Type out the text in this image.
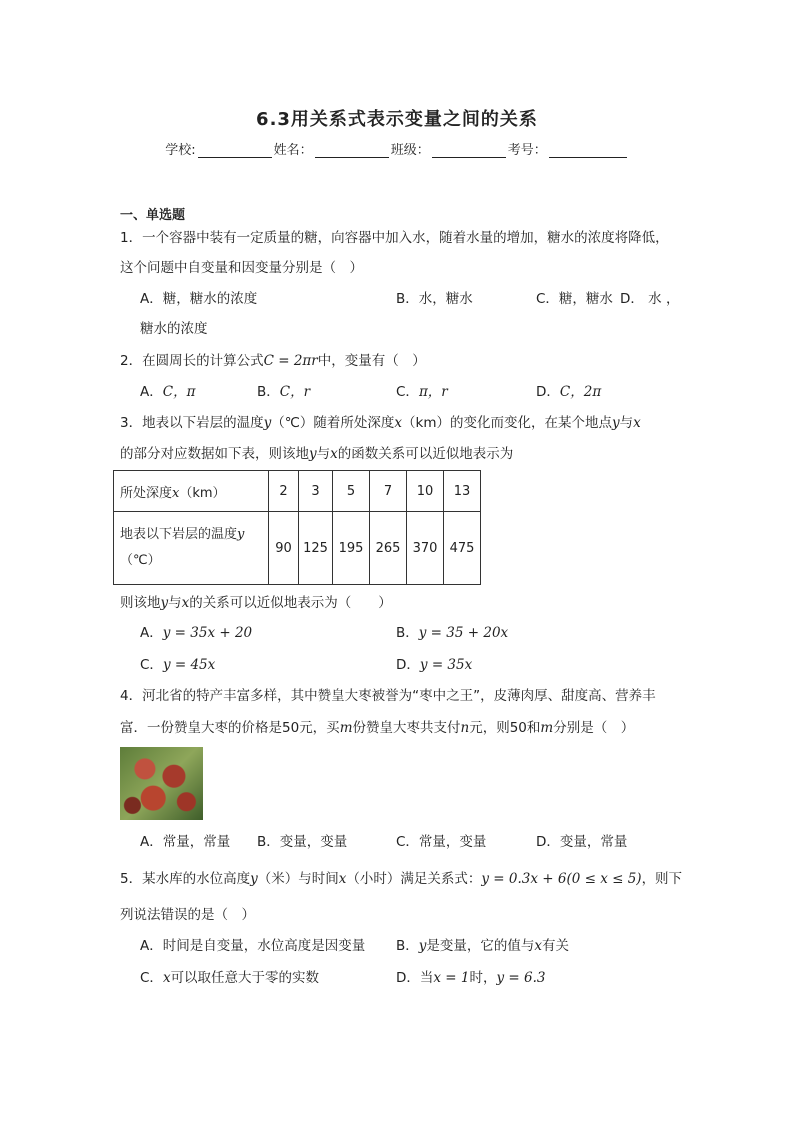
6.3用关系式表示变量之间的关系
学校:	姓名：	班级：	考号：
一、单选题
1．一个容器中装有一定质量的糖，向容器中加入水，随着水量的增加，糖水的浓度将降低，
这个问题中自变量和因变量分别是（　）
A．糖，糖水的浓度	B．水，糖水	C．糖，糖水 D． 水 ，
糖水的浓度
2．在圆周长的计算公式C = 2πr中，变量有（　）
A．C，π	B．C，r	C．π，r	D．C，2π
3．地表以下岩层的温度y（℃）随着所处深度x（km）的变化而变化，在某个地点y与x
的部分对应数据如下表，则该地y与x的函数关系可以近似地表示为
所处深度x（km）	2	3	5	7	10	13
地表以下岩层的温度y
（℃）	90	125	195	265	370	475
则该地y与x的关系可以近似地表示为（　　）
A．y = 35x + 20	B．y = 35 + 20x
C．y = 45x	D．y = 35x
4．河北省的特产丰富多样，其中赞皇大枣被誉为“枣中之王”，皮薄肉厚、甜度高、营养丰
富．一份赞皇大枣的价格是50元，买m份赞皇大枣共支付n元，则50和m分别是（　）
A．常量，常量 B．变量，变量	C．常量，变量	D．变量，常量
5．某水库的水位高度y（米）与时间x（小时）满足关系式：y = 0.3x + 6(0 ≤ x ≤ 5)，则下
列说法错误的是（　）
A．时间是自变量，水位高度是因变量 B．y是变量，它的值与x有关
C．x可以取任意大于零的实数	D．当x = 1时，y = 6.3
